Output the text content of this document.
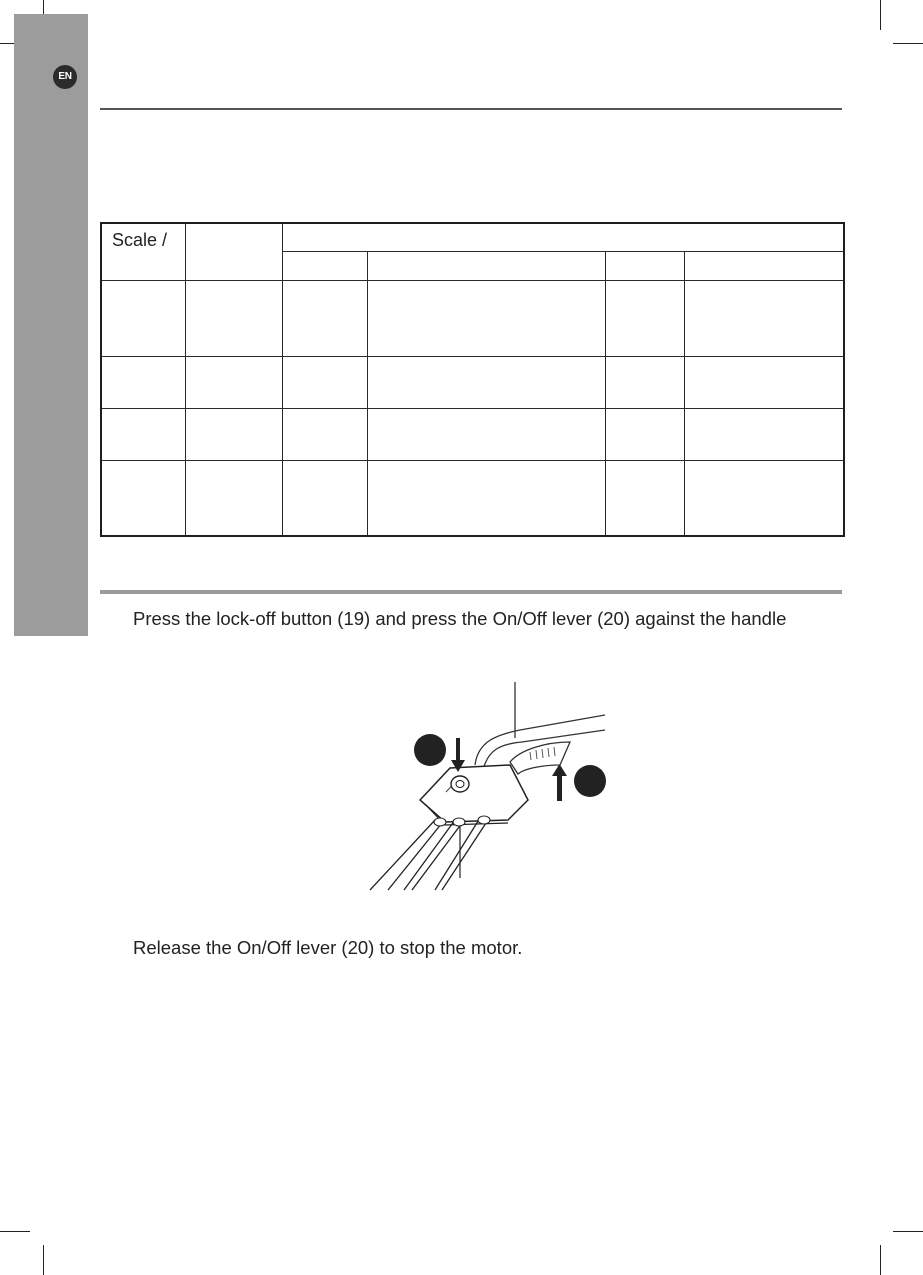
EN
Scale /					

Press the lock-off button (19) and press the On/Off lever (20) against the handle
Release the On/Off lever (20) to stop the motor.
